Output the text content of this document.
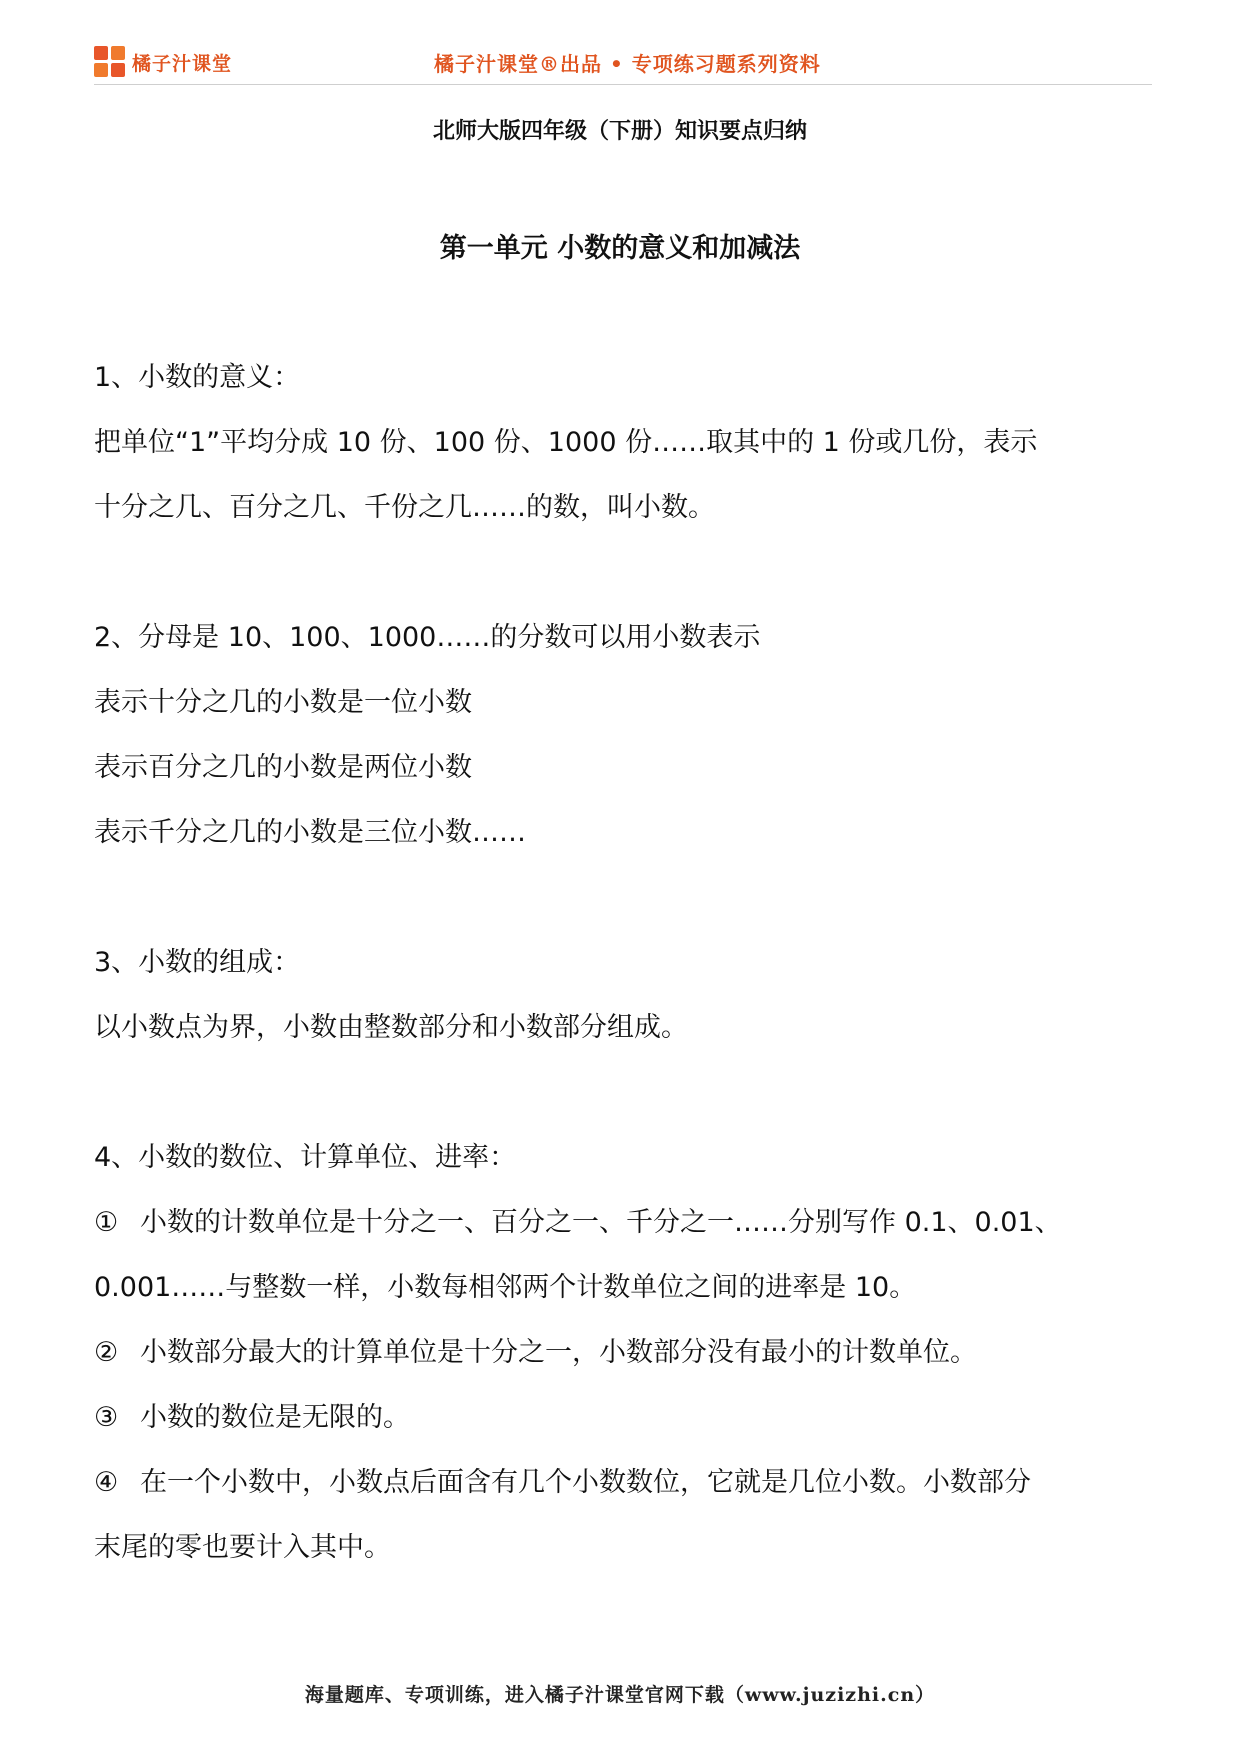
橘子汁课堂	橘子汁课堂®出品 • 专项练习题系列资料
北师大版四年级（下册）知识要点归纳
第一单元 小数的意义和加减法

1、小数的意义：

把单位“1”平均分成 10 份、100 份、1000 份……取其中的 1 份或几份，表示

十分之几、百分之几、千份之几……的数，叫小数。

2、分母是 10、100、1000……的分数可以用小数表示

表示十分之几的小数是一位小数

表示百分之几的小数是两位小数

表示千分之几的小数是三位小数……

3、小数的组成：

以小数点为界，小数由整数部分和小数部分组成。

4、小数的数位、计算单位、进率：

① 小数的计数单位是十分之一、百分之一、千分之一……分别写作 0.1、0.01、

0.001……与整数一样，小数每相邻两个计数单位之间的进率是 10。

② 小数部分最大的计算单位是十分之一，小数部分没有最小的计数单位。

③ 小数的数位是无限的。

④ 在一个小数中，小数点后面含有几个小数数位，它就是几位小数。小数部分

末尾的零也要计入其中。

海量题库、专项训练，进入橘子汁课堂官网下载（www.juzizhi.cn）
